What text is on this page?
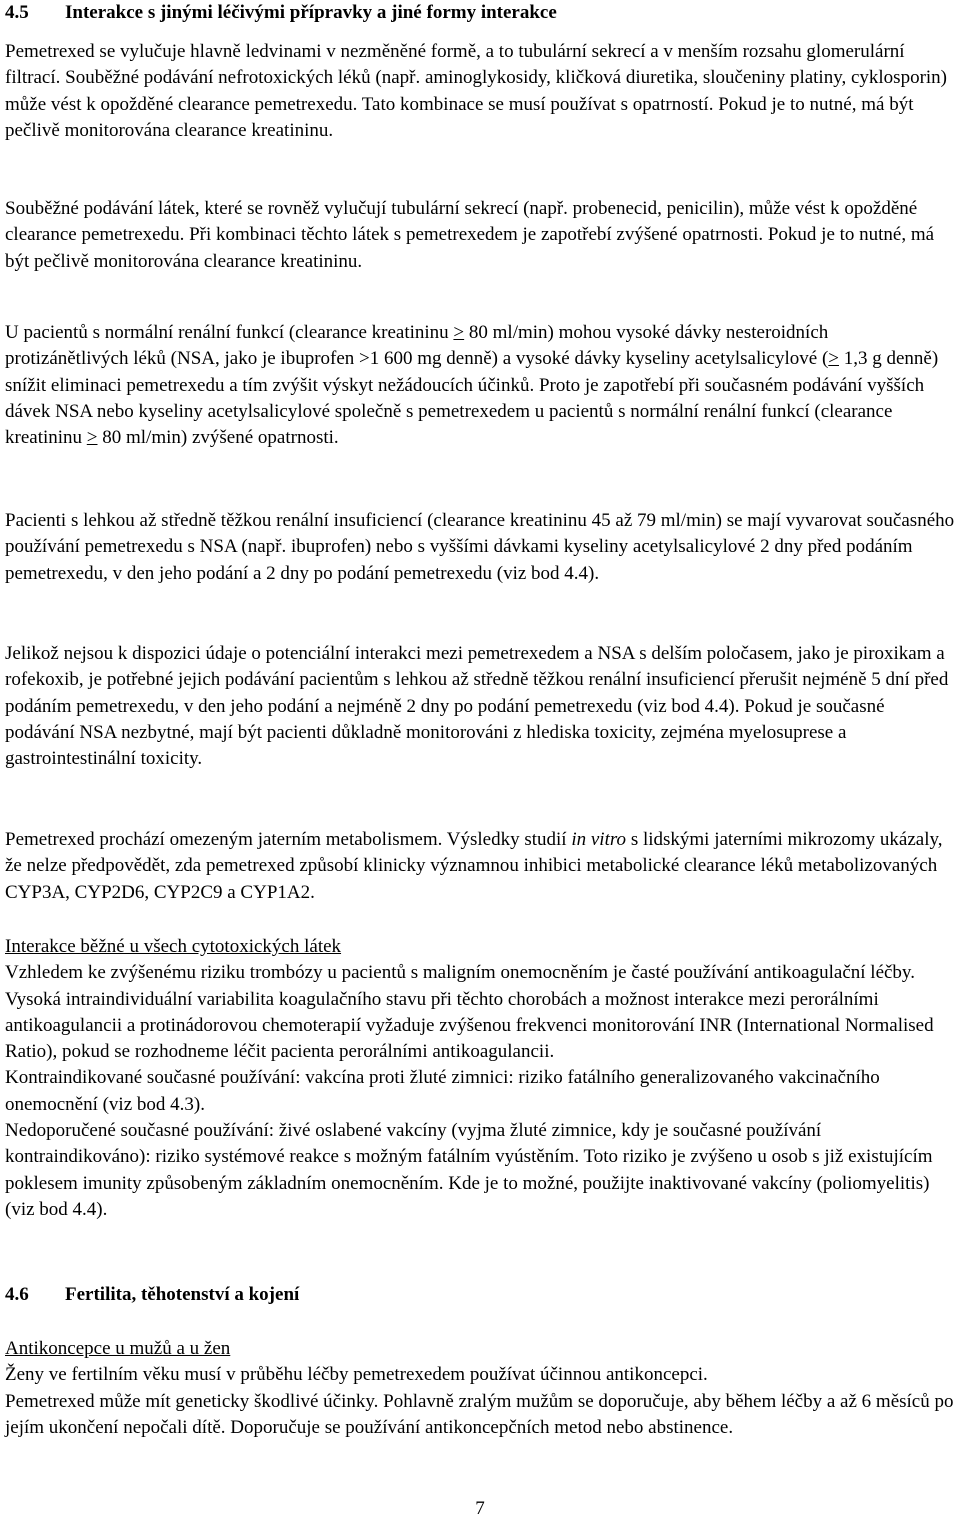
4.5 Interakce s jinými léčivými přípravky a jiné formy interakce

Pemetrexed se vylučuje hlavně ledvinami v nezměněné formě, a to tubulární sekrecí a v menším rozsahu glomerulární filtrací. Souběžné podávání nefrotoxických léků (např. aminoglykosidy, kličková diuretika, sloučeniny platiny, cyklosporin) může vést k opožděné clearance pemetrexedu. Tato kombinace se musí používat s opatrností. Pokud je to nutné, má být pečlivě monitorována clearance kreatininu.

Souběžné podávání látek, které se rovněž vylučují tubulární sekrecí (např. probenecid, penicilin), může vést k opožděné clearance pemetrexedu. Při kombinaci těchto látek s pemetrexedem je zapotřebí zvýšené opatrnosti. Pokud je to nutné, má být pečlivě monitorována clearance kreatininu.

U pacientů s normální renální funkcí (clearance kreatininu ≥ 80 ml/min) mohou vysoké dávky nesteroidních protizánětlivých léků (NSA, jako je ibuprofen >1 600 mg denně) a vysoké dávky kyseliny acetylsalicylové (≥ 1,3 g denně) snížit eliminaci pemetrexedu a tím zvýšit výskyt nežádoucích účinků. Proto je zapotřebí při současném podávání vyšších dávek NSA nebo kyseliny acetylsalicylové společně s pemetrexedem u pacientů s normální renální funkcí (clearance kreatininu ≥ 80 ml/min) zvýšené opatrnosti.

Pacienti s lehkou až středně těžkou renální insuficiencí (clearance kreatininu 45 až 79 ml/min) se mají vyvarovat současného používání pemetrexedu s NSA (např. ibuprofen) nebo s vyššími dávkami kyseliny acetylsalicylové 2 dny před podáním pemetrexedu, v den jeho podání a 2 dny po podání pemetrexedu (viz bod 4.4).

Jelikož nejsou k dispozici údaje o potenciální interakci mezi pemetrexedem a NSA s delším poločasem, jako je piroxikam a rofekoxib, je potřebné jejich podávání pacientům s lehkou až středně těžkou renální insuficiencí přerušit nejméně 5 dní před podáním pemetrexedu, v den jeho podání a nejméně 2 dny po podání pemetrexedu (viz bod 4.4). Pokud je současné podávání NSA nezbytné, mají být pacienti důkladně monitorováni z hlediska toxicity, zejména myelosuprese a gastrointestinální toxicity.

Pemetrexed prochází omezeným jaterním metabolismem. Výsledky studií in vitro s lidskými jaterními mikrozomy ukázaly, že nelze předpovědět, zda pemetrexed způsobí klinicky významnou inhibici metabolické clearance léků metabolizovaných CYP3A, CYP2D6, CYP2C9 a CYP1A2.

Interakce běžné u všech cytotoxických látek
Vzhledem ke zvýšenému riziku trombózy u pacientů s maligním onemocněním je časté používání antikoagulační léčby. Vysoká intraindividuální variabilita koagulačního stavu při těchto chorobách a možnost interakce mezi perorálními antikoagulancii a protinádorovou chemoterapií vyžaduje zvýšenou frekvenci monitorování INR (International Normalised Ratio), pokud se rozhodneme léčit pacienta perorálními antikoagulancii.
Kontraindikované současné používání: vakcína proti žluté zimnici: riziko fatálního generalizovaného vakcinačního onemocnění (viz bod 4.3).
Nedoporučené současné používání: živé oslabené vakcíny (vyjma žluté zimnice, kdy je současné používání kontraindikováno): riziko systémové reakce s možným fatálním vyústěním. Toto riziko je zvýšeno u osob s již existujícím poklesem imunity způsobeným základním onemocněním. Kde je to možné, použijte inaktivované vakcíny (poliomyelitis) (viz bod 4.4).
4.6 Fertilita, těhotenství a kojení
Antikoncepce u mužů a u žen
Ženy ve fertilním věku musí v průběhu léčby pemetrexedem používat účinnou antikoncepci.
Pemetrexed může mít geneticky škodlivé účinky. Pohlavně zralým mužům se doporučuje, aby během léčby a až 6 měsíců po jejím ukončení nepočali dítě. Doporučuje se používání antikoncepčních metod nebo abstinence.
7
